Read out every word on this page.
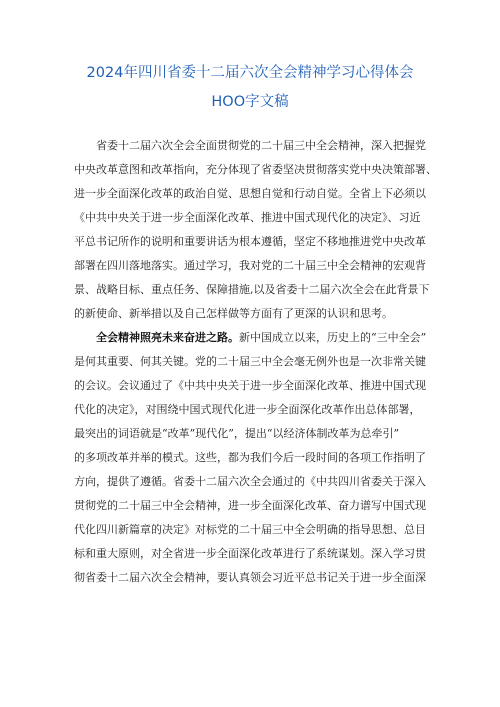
2024年四川省委十二届六次全会精神学习心得体会
HOO字文稿
省委十二届六次全会全面贯彻党的二十届三中全会精神，深入把握党
中央改革意图和改革指向，充分体现了省委坚决贯彻落实党中央决策部署、
进一步全面深化改革的政治自觉、思想自觉和行动自觉。全省上下必须以
《中共中央关于进一步全面深化改革、推进中国式现代化的决定》、习近
平总书记所作的说明和重要讲话为根本遵循，坚定不移地推进党中央改革
部署在四川落地落实。通过学习，我对党的二十届三中全会精神的宏观背
景、战略目标、重点任务、保障措施,以及省委十二届六次全会在此背景下
的新使命、新举措以及自己怎样做等方面有了更深的认识和思考。
全会精神照亮未来奋进之路。新中国成立以来，历史上的“三中全会”
是何其重要、何其关键。党的二十届三中全会毫无例外也是一次非常关键
的会议。会议通过了《中共中央关于进一步全面深化改革、推进中国式现
代化的决定》，对围绕中国式现代化进一步全面深化改革作出总体部署，
最突出的词语就是“改革”现代化”，提出“以经济体制改革为总牵引”
的多项改革并举的模式。这些，都为我们今后一段时间的各项工作指明了
方向，提供了遵循。省委十二届六次全会通过的《中共四川省委关于深入
贯彻党的二十届三中全会精神，进一步全面深化改革、奋力谱写中国式现
代化四川新篇章的决定》对标党的二十届三中全会明确的指导思想、总目
标和重大原则，对全省进一步全面深化改革进行了系统谋划。深入学习贯
彻省委十二届六次全会精神，要认真领会习近平总书记关于进一步全面深
